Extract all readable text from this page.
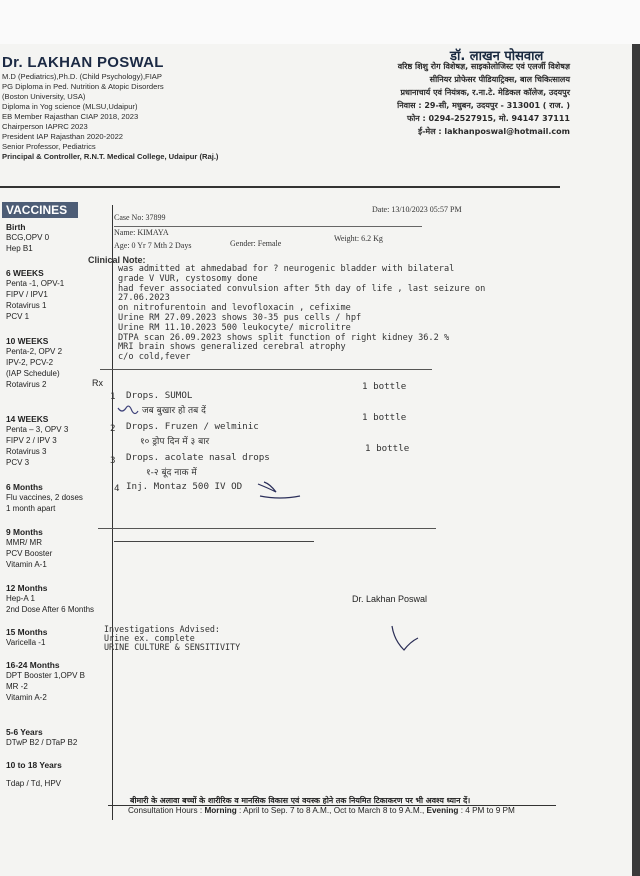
Dr. LAKHAN POSWAL
M.D (Pediatrics),Ph.D. (Child Psychology),FIAP
PG Diploma in Ped. Nutrition & Atopic Disorders
(Boston University, USA)
Diploma in Yog science (MLSU,Udaipur)
EB Member Rajasthan CIAP 2018, 2023
Chairperson IAPRC 2023
President IAP Rajasthan 2020-2022
Senior Professor, Pediatrics
Principal & Controller, R.N.T. Medical College, Udaipur (Raj.)
डॉ. लाखन पोसवाल
वरिष्ठ शिशु रोग विशेषज्ञ, साइकोलोजिस्ट एवं एलर्जी विशेषज्ञ
सीनियर प्रोफेसर पीडियाट्रिक्स, बाल चिकित्सालय
प्रधानाचार्य एवं नियंत्रक, र.ना.टे. मेडिकल कॉलेज, उदयपुर
निवास : 29-सी, मधुबन, उदयपुर - 313001 ( राज. )
फोन : 0294-2527915, मो. 94147 37111
ई-मेल : lakhanposwal@hotmail.com
VACCINES
Birth
BCG,OPV 0
Hep B1
6 WEEKS
Penta -1, OPV-1
FIPV / IPV1
Rotavirus 1
PCV 1
10 WEEKS
Penta-2, OPV 2
IPV-2, PCV-2
(IAP Schedule)
Rotavirus 2
14 WEEKS
Penta – 3, OPV 3
FIPV 2 / IPV 3
Rotavirus 3
PCV 3
6 Months
Flu vaccines, 2 doses
1 month apart
9 Months
MMR/ MR
PCV Booster
Vitamin A-1
12 Months
Hep-A 1
2nd Dose After 6 Months
15 Months
Varicella -1
16-24 Months
DPT Booster 1,OPV B
MR -2
Vitamin A-2
5-6 Years
DTwP B2 / DTaP B2
10 to 18 Years
Tdap / Td, HPV
Case No: 37899
Date: 13/10/2023 05:57 PM
Name: KIMAYA
Age: 0 Yr 7 Mth 2 Days	Gender: Female
Weight: 6.2 Kg
Clinical Note:
was admitted at ahmedabad for ? neurogenic bladder with bilateral
grade V VUR, cystosomy done
had fever associated convulsion after 5th day of life , last seizure on
27.06.2023
on nitrofurentoin and levofloxacin , cefixime
Urine RM 27.09.2023 shows 30-35 pus cells / hpf
Urine RM 11.10.2023 500 leukocyte/ microlitre
DTPA scan 26.09.2023 shows split function of right kidney 36.2 %
MRI brain shows generalized cerebral atrophy
c/o cold,fever
Rx
1 Drops. SUMOL
1 bottle
जब बुखार हो तब दें
2 Drops. Fruzen / welminic
1 bottle
१० ड्रोप दिन में ३ बार
3 Drops. acolate nasal drops
1 bottle
१-२ बूंद नाक में
4 Inj. Montaz 500 IV OD
Dr. Lakhan Poswal
Investigations Advised:
Urine ex. complete
URINE CULTURE & SENSITIVITY
बीमारी के अलावा बच्चों के शारीरिक व मानसिक विकास एवं वयस्क होने तक नियमित टिकाकरण पर भी अवश्य ध्यान दें।
Consultation Hours : Morning : April to Sep. 7 to 8 A.M., Oct to March 8 to 9 A.M., Evening : 4 PM to 9 PM
